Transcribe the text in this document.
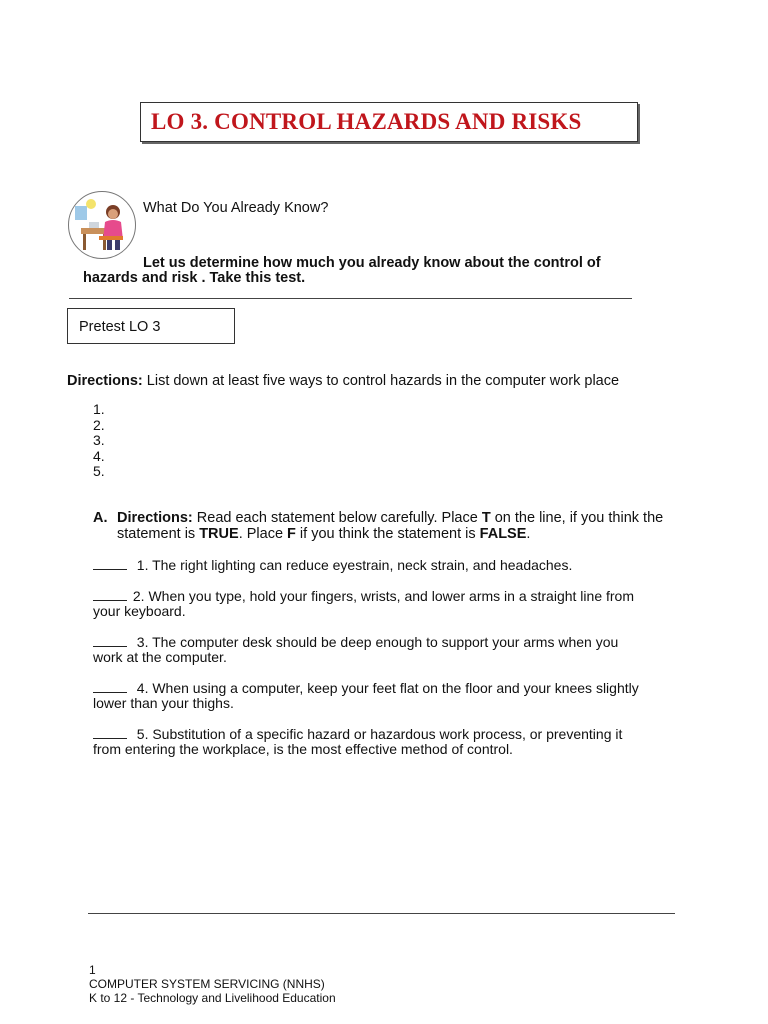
LO 3. CONTROL HAZARDS AND RISKS
What Do You Already Know?
Let us determine how much you already know about the control of
hazards and risk . Take this test.
Pretest LO 3
Directions: List down at least five ways to control hazards in the computer work place
1.
2.
3.
4.
5.
A. Directions: Read each statement below carefully. Place T on the line, if you think the
statement is TRUE. Place F if you think the statement is FALSE.
1. The right lighting can reduce eyestrain, neck strain, and headaches.
2. When you type, hold your fingers, wrists, and lower arms in a straight line from
your keyboard.
3. The computer desk should be deep enough to support your arms when you
work at the computer.
4. When using a computer, keep your feet flat on the floor and your knees slightly
lower than your thighs.
5. Substitution of a specific hazard or hazardous work process, or preventing it
from entering the workplace, is the most effective method of control.
1
COMPUTER SYSTEM SERVICING (NNHS)
K to 12 - Technology and Livelihood Education
